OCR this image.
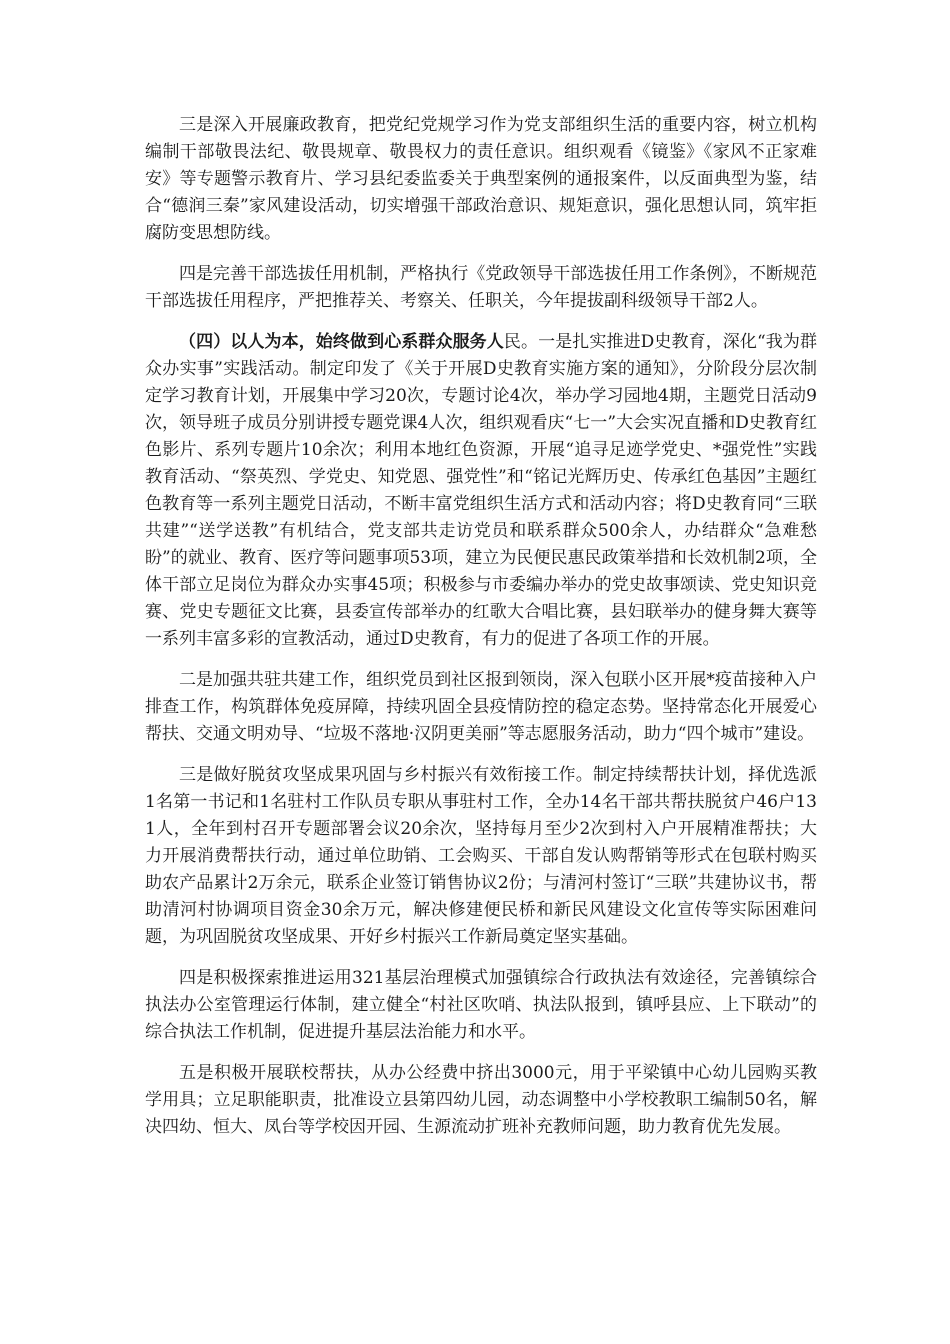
三是深入开展廉政教育，把党纪党规学习作为党支部组织生活的重要内容，树立机构编制干部敬畏法纪、敬畏规章、敬畏权力的责任意识。组织观看《镜鉴》《家风不正家难安》等专题警示教育片、学习县纪委监委关于典型案例的通报案件，以反面典型为鉴，结合“德润三秦”家风建设活动，切实增强干部政治意识、规矩意识，强化思想认同，筑牢拒腐防变思想防线。

四是完善干部选拔任用机制，严格执行《党政领导干部选拔任用工作条例》，不断规范干部选拔任用程序，严把推荐关、考察关、任职关，今年提拔副科级领导干部2人。

（四）以人为本，始终做到心系群众服务人民。一是扎实推进D史教育，深化“我为群众办实事”实践活动。制定印发了《关于开展D史教育实施方案的通知》，分阶段分层次制定学习教育计划，开展集中学习20次，专题讨论4次，举办学习园地4期，主题党日活动9次，领导班子成员分别讲授专题党课4人次，组织观看庆“七一”大会实况直播和D史教育红色影片、系列专题片10余次；利用本地红色资源，开展“追寻足迹学党史、*强党性”实践教育活动、“祭英烈、学党史、知党恩、强党性”和“铭记光辉历史、传承红色基因”主题红色教育等一系列主题党日活动，不断丰富党组织生活方式和活动内容；将D史教育同“三联共建”“送学送教”有机结合，党支部共走访党员和联系群众500余人，办结群众“急难愁盼”的就业、教育、医疗等问题事项53项，建立为民便民惠民政策举措和长效机制2项，全体干部立足岗位为群众办实事45项；积极参与市委编办举办的党史故事颂读、党史知识竞赛、党史专题征文比赛，县委宣传部举办的红歌大合唱比赛，县妇联举办的健身舞大赛等一系列丰富多彩的宣教活动，通过D史教育，有力的促进了各项工作的开展。

二是加强共驻共建工作，组织党员到社区报到领岗，深入包联小区开展*疫苗接种入户排查工作，构筑群体免疫屏障，持续巩固全县疫情防控的稳定态势。坚持常态化开展爱心帮扶、交通文明劝导、“垃圾不落地·汉阴更美丽”等志愿服务活动，助力“四个城市”建设。

三是做好脱贫攻坚成果巩固与乡村振兴有效衔接工作。制定持续帮扶计划，择优选派1名第一书记和1名驻村工作队员专职从事驻村工作，全办14名干部共帮扶脱贫户46户131人，全年到村召开专题部署会议20余次，坚持每月至少2次到村入户开展精准帮扶；大力开展消费帮扶行动，通过单位助销、工会购买、干部自发认购帮销等形式在包联村购买助农产品累计2万余元，联系企业签订销售协议2份；与清河村签订“三联”共建协议书，帮助清河村协调项目资金30余万元，解决修建便民桥和新民风建设文化宣传等实际困难问题，为巩固脱贫攻坚成果、开好乡村振兴工作新局奠定坚实基础。

四是积极探索推进运用321基层治理模式加强镇综合行政执法有效途径，完善镇综合执法办公室管理运行体制，建立健全“村社区吹哨、执法队报到，镇呼县应、上下联动”的综合执法工作机制，促进提升基层法治能力和水平。

五是积极开展联校帮扶，从办公经费中挤出3000元，用于平梁镇中心幼儿园购买教学用具；立足职能职责，批准设立县第四幼儿园，动态调整中小学校教职工编制50名，解决四幼、恒大、凤台等学校因开园、生源流动扩班补充教师问题，助力教育优先发展。
